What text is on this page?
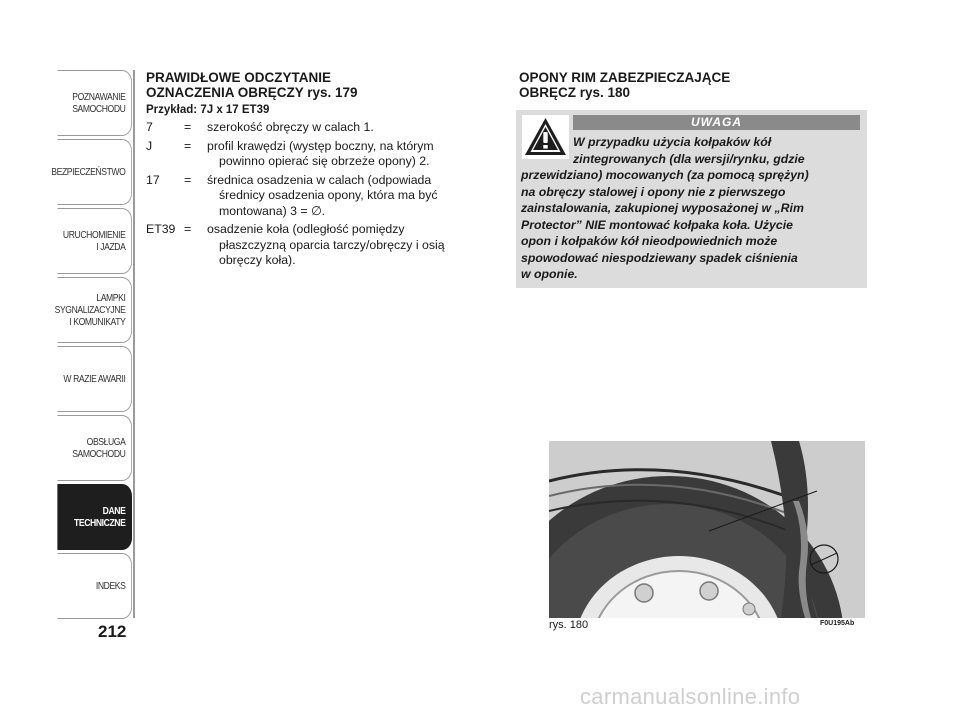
POZNAWANIE
SAMOCHODU
BEZPIECZEŃSTWO
URUCHOMIENIE
I JAZDA
LAMPKI
SYGNALIZACYJNE
I KOMUNIKATY
W RAZIE AWARII
OBSŁUGA
SAMOCHODU
DANE
TECHNICZNE
INDEKS
212
PRAWIDŁOWE ODCZYTANIE
OZNACZENIA OBRĘCZY rys. 179
Przykład: 7J x 17 ET39
7	=	szerokość obręczy w calach 1.
J	=	profil krawędzi (występ boczny, na którym
powinno opierać się obrzeże opony) 2.
17	=	średnica osadzenia w calach (odpowiada
średnicy osadzenia opony, która ma być
montowana) 3 = ∅.
ET39 =	osadzenie koła (odległość pomiędzy
płaszczyzną oparcia tarczy/obręczy i osią
obręczy koła).
OPONY RIM ZABEZPIECZAJĄCE
OBRĘCZ rys. 180
UWAGA
W przypadku użycia kołpaków kół
zintegrowanych (dla wersji/rynku, gdzie
przewidziano) mocowanych (za pomocą sprężyn)
na obręczy stalowej i opony nie z pierwszego
zainstalowania, zakupionej wyposażonej w „Rim
Protector” NIE montować kołpaka koła. Użycie
opon i kołpaków kół nieodpowiednich może
spowodować niespodziewany spadek ciśnienia
w oponie.
rys. 180	F0U195Ab
carmanualsonline.info
